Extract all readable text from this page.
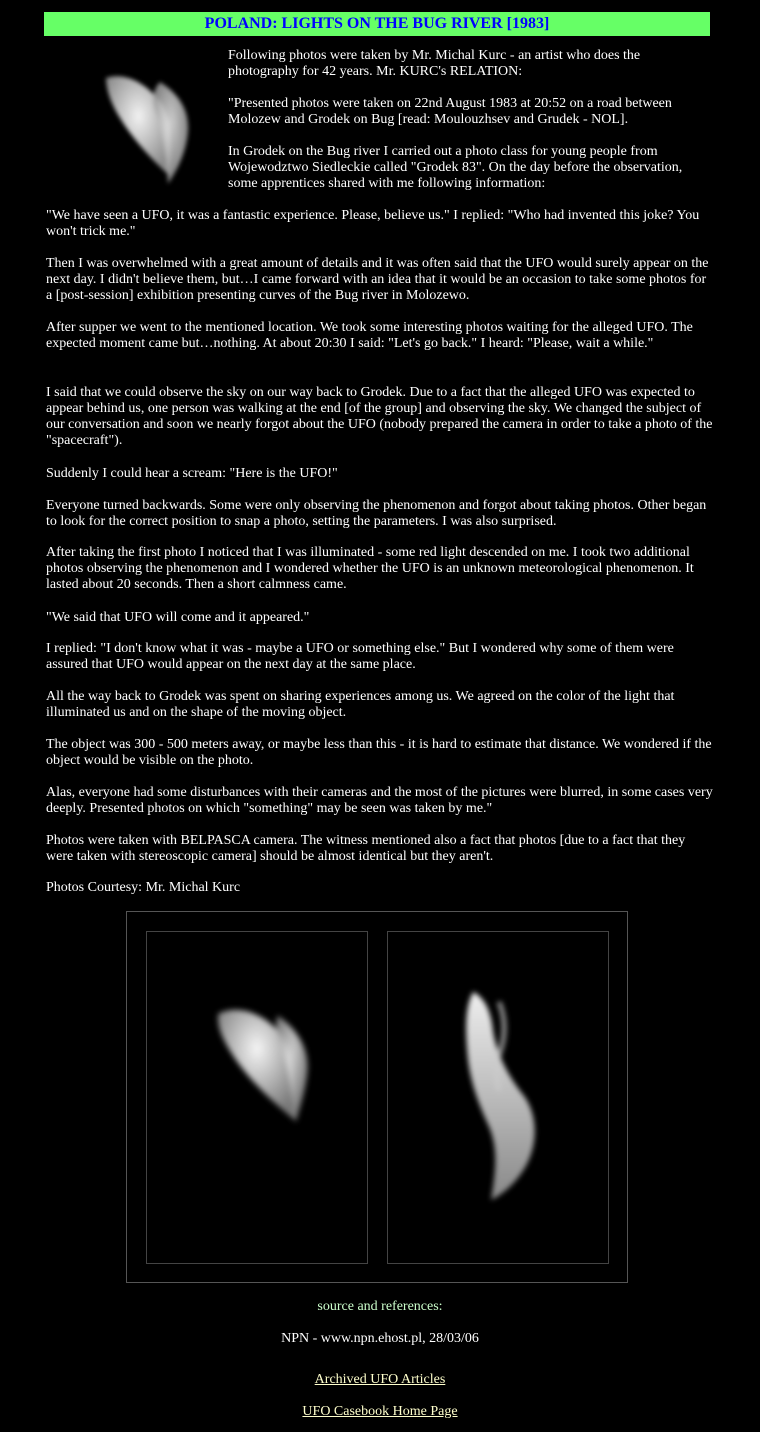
POLAND: LIGHTS ON THE BUG RIVER [1983]

Following photos were taken by Mr. Michal Kurc - an artist who does the photography for 42 years. Mr. KURC's RELATION:

"Presented photos were taken on 22nd August 1983 at 20:52 on a road between Molozew and Grodek on Bug [read: Moulouzhsev and Grudek - NOL].

In Grodek on the Bug river I carried out a photo class for young people from Wojewodztwo Siedleckie called "Grodek 83". On the day before the observation, some apprentices shared with me following information:

"We have seen a UFO, it was a fantastic experience. Please, believe us." I replied: "Who had invented this joke? You won't trick me."

Then I was overwhelmed with a great amount of details and it was often said that the UFO would surely appear on the next day. I didn't believe them, but…I came forward with an idea that it would be an occasion to take some photos for a [post-session] exhibition presenting curves of the Bug river in Molozewo.

After supper we went to the mentioned location. We took some interesting photos waiting for the alleged UFO. The expected moment came but…nothing. At about 20:30 I said: "Let's go back." I heard: "Please, wait a while."

I said that we could observe the sky on our way back to Grodek. Due to a fact that the alleged UFO was expected to appear behind us, one person was walking at the end [of the group] and observing the sky. We changed the subject of our conversation and soon we nearly forgot about the UFO (nobody prepared the camera in order to take a photo of the "spacecraft").

Suddenly I could hear a scream: "Here is the UFO!"

Everyone turned backwards. Some were only observing the phenomenon and forgot about taking photos. Other began to look for the correct position to snap a photo, setting the parameters. I was also surprised.

After taking the first photo I noticed that I was illuminated - some red light descended on me. I took two additional photos observing the phenomenon and I wondered whether the UFO is an unknown meteorological phenomenon. It lasted about 20 seconds. Then a short calmness came.

"We said that UFO will come and it appeared."

I replied: "I don't know what it was - maybe a UFO or something else." But I wondered why some of them were assured that UFO would appear on the next day at the same place.

All the way back to Grodek was spent on sharing experiences among us. We agreed on the color of the light that illuminated us and on the shape of the moving object.

The object was 300 - 500 meters away, or maybe less than this - it is hard to estimate that distance. We wondered if the object would be visible on the photo.

Alas, everyone had some disturbances with their cameras and the most of the pictures were blurred, in some cases very deeply. Presented photos on which "something" may be seen was taken by me."

Photos were taken with BELPASCA camera. The witness mentioned also a fact that photos [due to a fact that they were taken with stereoscopic camera] should be almost identical but they aren't.

Photos Courtesy: Mr. Michal Kurc

source and references:
NPN - www.npn.ehost.pl, 28/03/06
Archived UFO Articles
UFO Casebook Home Page
